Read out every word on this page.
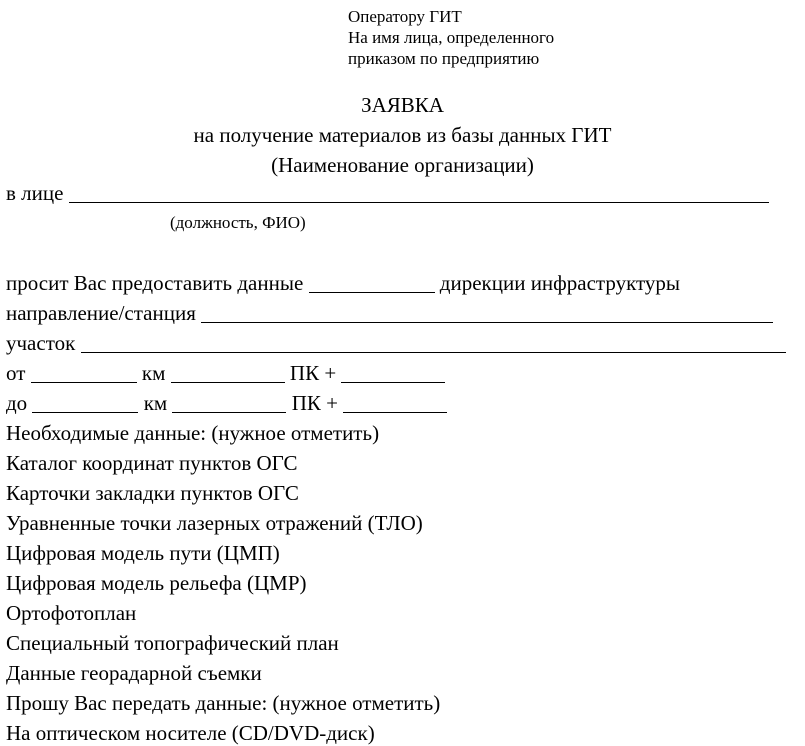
Оператору ГИТ
На имя лица, определенного
приказом по предприятию
ЗАЯВКА
на получение материалов из базы данных ГИТ
(Наименование организации)
в лице
(должность, ФИО)
просит Вас предоставить данные	дирекции инфраструктуры
направление/станция
участок
от	км	ПК +
до	км	ПК +
Необходимые данные: (нужное отметить)
Каталог координат пунктов ОГС
Карточки закладки пунктов ОГС
Уравненные точки лазерных отражений (ТЛО)
Цифровая модель пути (ЦМП)
Цифровая модель рельефа (ЦМР)
Ортофотоплан
Специальный топографический план
Данные георадарной съемки
Прошу Вас передать данные: (нужное отметить)
На оптическом носителе (CD/DVD-диск)
